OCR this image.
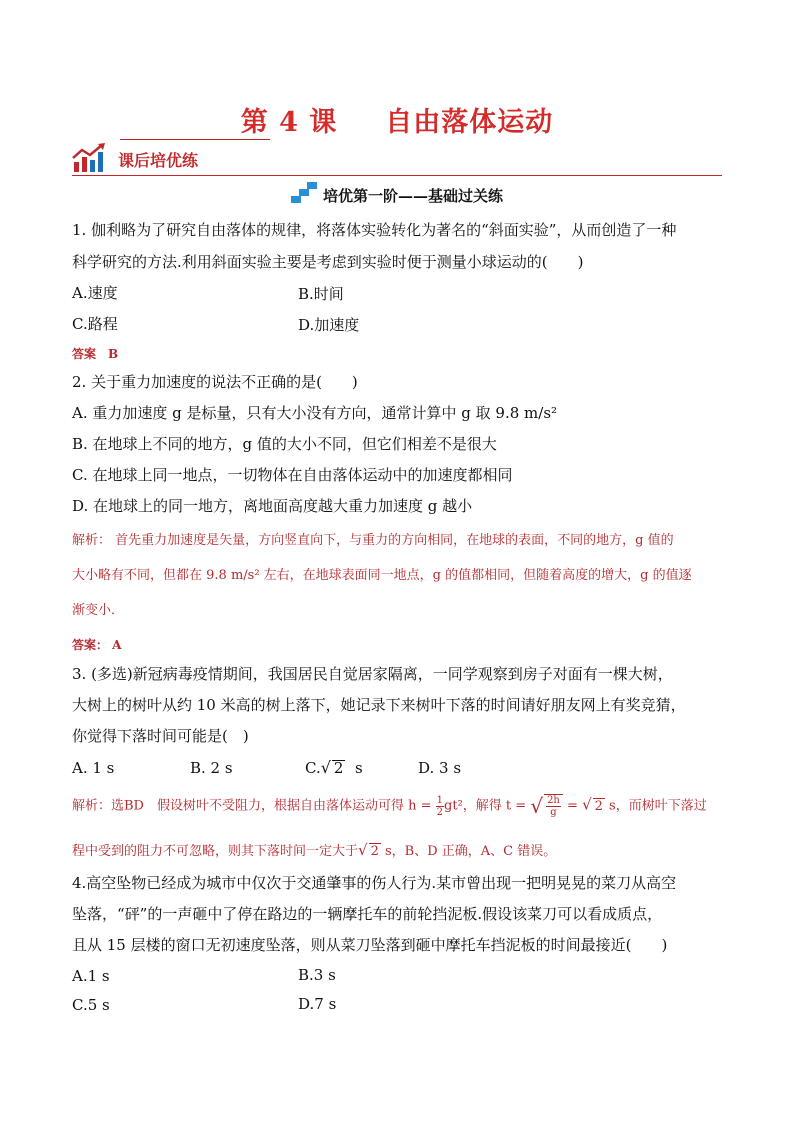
第 4 课 自由落体运动
课后培优练
培优第一阶——基础过关练
1. 伽利略为了研究自由落体的规律，将落体实验转化为著名的“斜面实验”，从而创造了一种
科学研究的方法.利用斜面实验主要是考虑到实验时便于测量小球运动的(　　)
A.速度	B.时间
C.路程	D.加速度
答案　B
2. 关于重力加速度的说法不正确的是(　　)
A. 重力加速度 g 是标量，只有大小没有方向，通常计算中 g 取 9.8 m/s²
B. 在地球上不同的地方，g 值的大小不同，但它们相差不是很大
C. 在地球上同一地点，一切物体在自由落体运动中的加速度都相同
D. 在地球上的同一地方，离地面高度越大重力加速度 g 越小
解析： 首先重力加速度是矢量，方向竖直向下，与重力的方向相同，在地球的表面，不同的地方，g 值的
大小略有不同，但都在 9.8 m/s² 左右，在地球表面同一地点，g 的值都相同，但随着高度的增大，g 的值逐
渐变小．
答案： A
3. (多选)新冠病毒疫情期间，我国居民自觉居家隔离，一同学观察到房子对面有一棵大树，
大树上的树叶从约 10 米高的树上落下，她记录下来树叶下落的时间请好朋友网上有奖竞猜，
你觉得下落时间可能是(　)
A. 1 s	B. 2 s	C.√ 2 s	D. 3 s
解析：选BD　假设树叶不受阻力，根据自由落体运动可得 $h = \frac{1}{2} gt^2$，解得 t = √ $\frac{2h}{g}$ = √ 2 s，而树叶下落过
程中受到的阻力不可忽略，则其下落时间一定大于√ 2 s，B、D 正确，A、C 错误。
4.高空坠物已经成为城市中仅次于交通肇事的伤人行为.某市曾出现一把明晃晃的菜刀从高空
坠落，“砰”的一声砸中了停在路边的一辆摩托车的前轮挡泥板.假设该菜刀可以看成质点，
且从 15 层楼的窗口无初速度坠落，则从菜刀坠落到砸中摩托车挡泥板的时间最接近(　　)
A.1 s	B.3 s
C.5 s	D.7 s
